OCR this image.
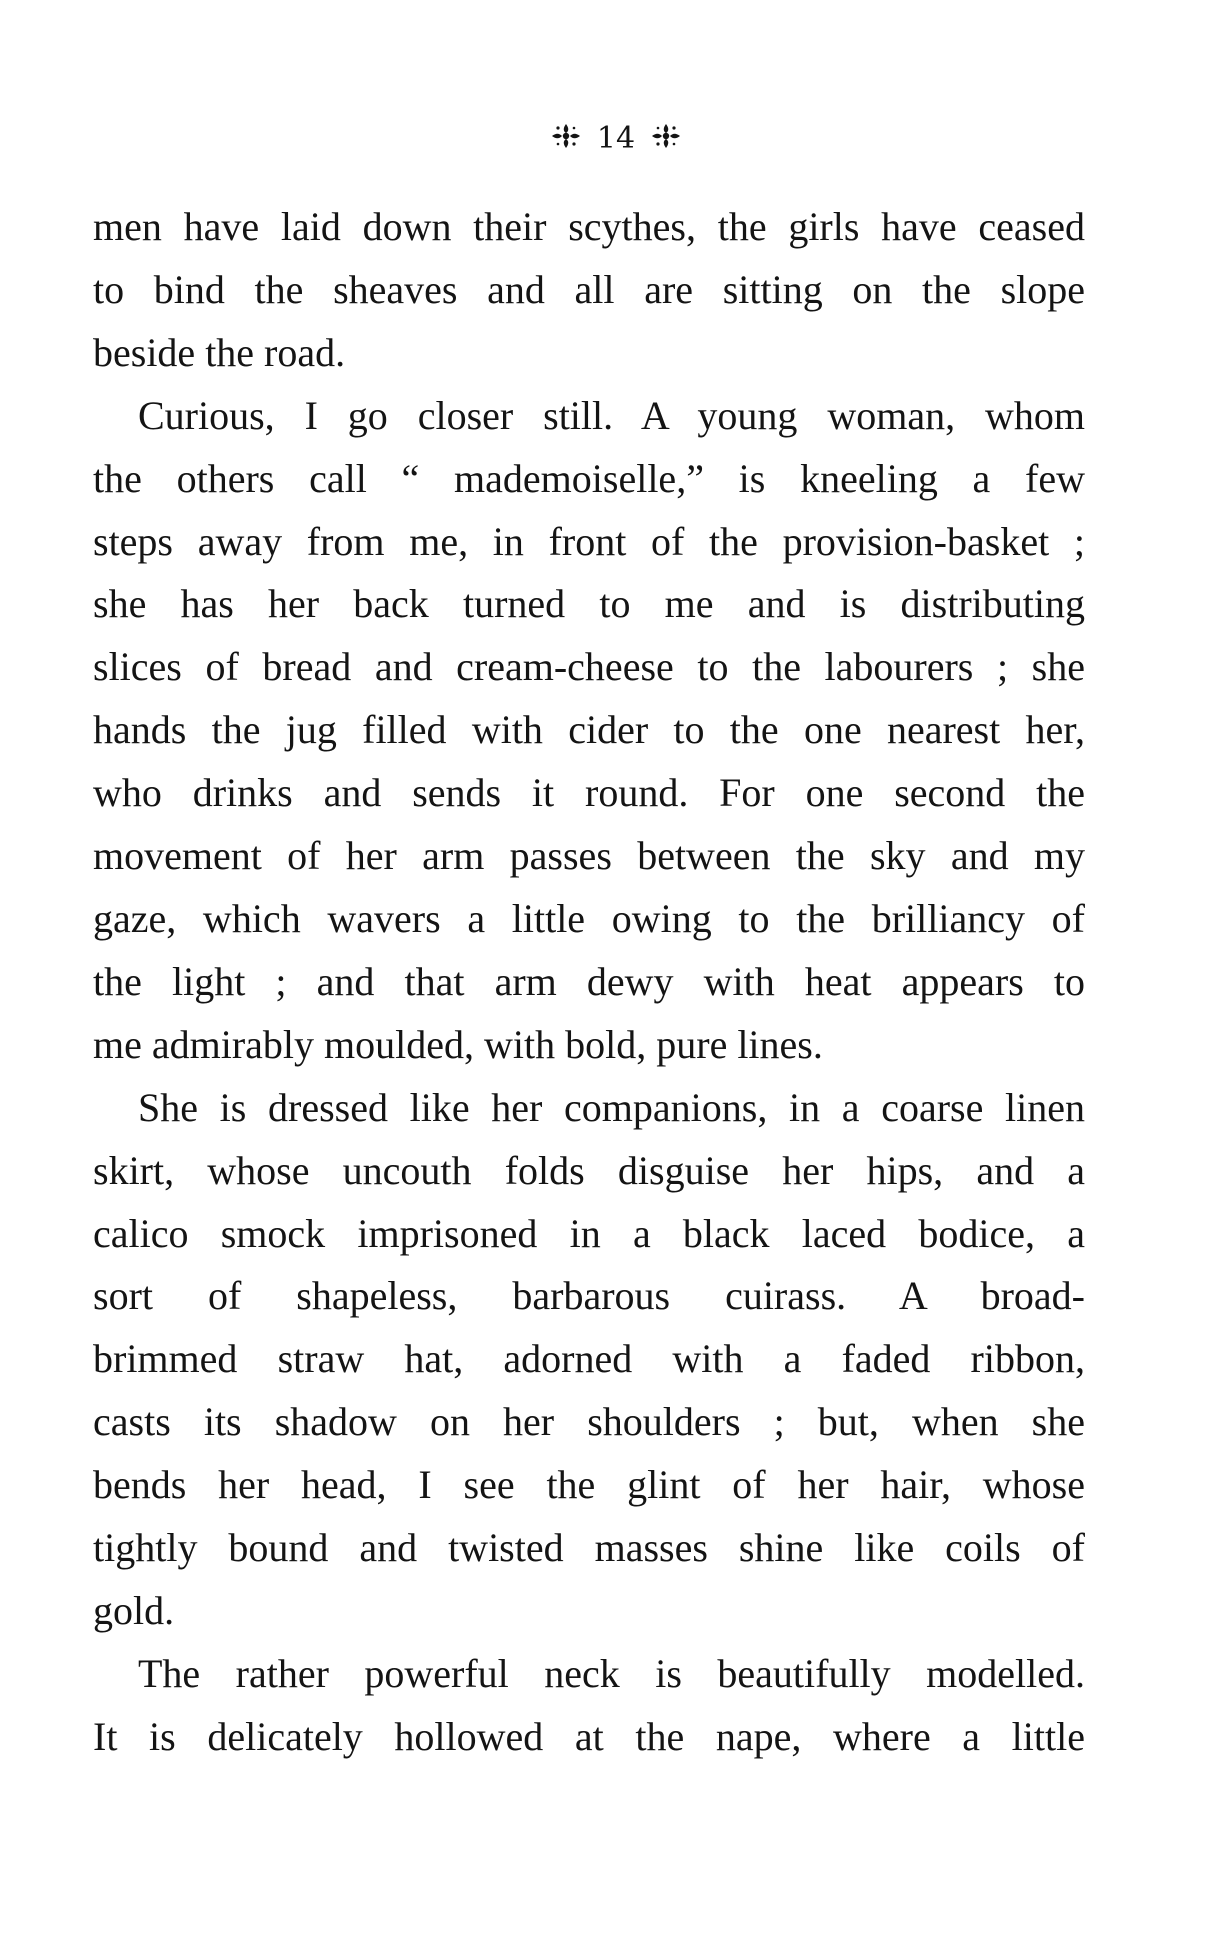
14
men have laid down their scythes, the girls have ceased
to bind the sheaves and all are sitting on the slope
beside the road.
Curious, I go closer still. A young woman, whom
the others call “ mademoiselle,” is kneeling a few
steps away from me, in front of the provision-basket ;
she has her back turned to me and is distributing
slices of bread and cream-cheese to the labourers ; she
hands the jug filled with cider to the one nearest her,
who drinks and sends it round. For one second the
movement of her arm passes between the sky and my
gaze, which wavers a little owing to the brilliancy of
the light ; and that arm dewy with heat appears to
me admirably moulded, with bold, pure lines.
She is dressed like her companions, in a coarse linen
skirt, whose uncouth folds disguise her hips, and a
calico smock imprisoned in a black laced bodice, a
sort of shapeless, barbarous cuirass. A broad-
brimmed straw hat, adorned with a faded ribbon,
casts its shadow on her shoulders ; but, when she
bends her head, I see the glint of her hair, whose
tightly bound and twisted masses shine like coils of
gold.
The rather powerful neck is beautifully modelled.
It is delicately hollowed at the nape, where a little
